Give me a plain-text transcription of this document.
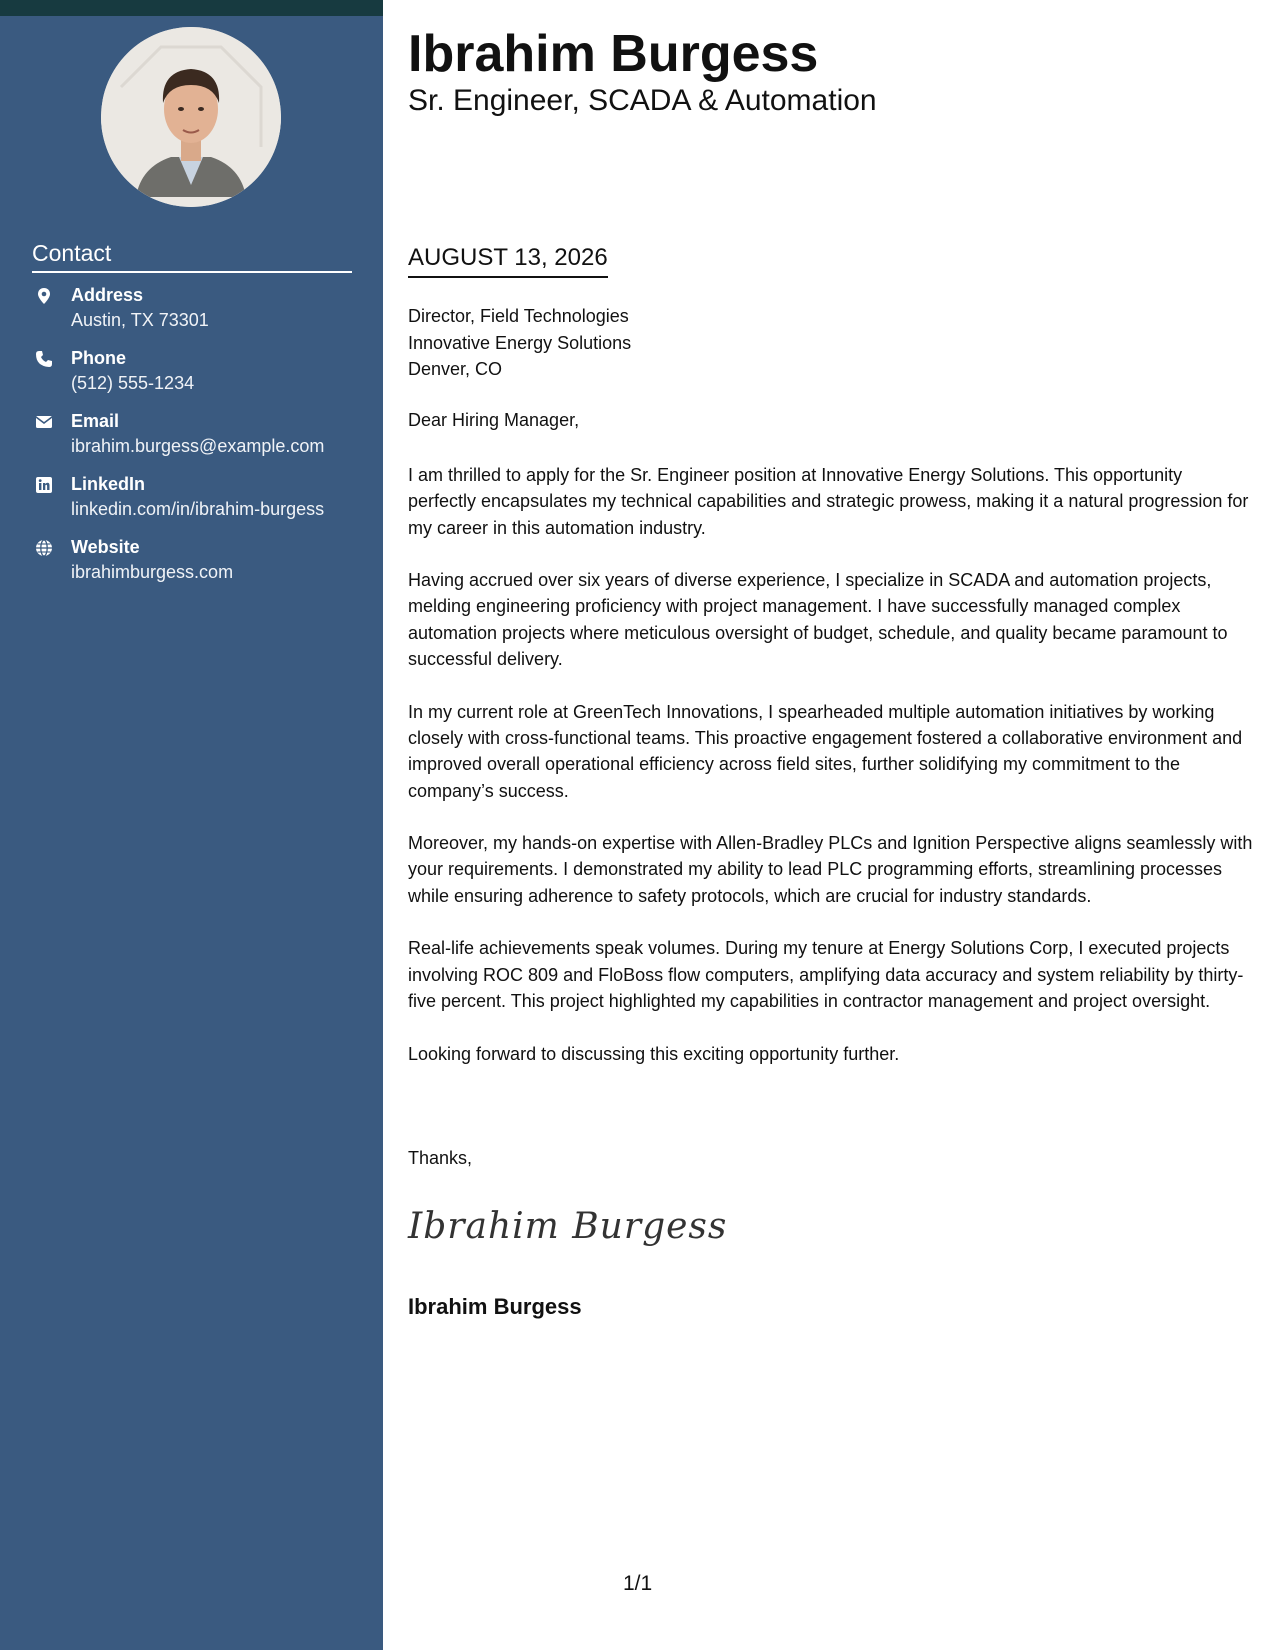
Contact
Address
Austin, TX 73301
Phone
(512) 555-1234
Email
ibrahim.burgess@example.com
LinkedIn
linkedin.com/in/ibrahim-burgess
Website
ibrahimburgess.com
Ibrahim Burgess
Sr. Engineer, SCADA & Automation
AUGUST 13, 2026
Director, Field Technologies
Innovative Energy Solutions
Denver, CO
Dear Hiring Manager,

I am thrilled to apply for the Sr. Engineer position at Innovative Energy Solutions. This opportunity perfectly encapsulates my technical capabilities and strategic prowess, making it a natural progression for my career in this automation industry.

Having accrued over six years of diverse experience, I specialize in SCADA and automation projects, melding engineering proficiency with project management. I have successfully managed complex automation projects where meticulous oversight of budget, schedule, and quality became paramount to successful delivery.

In my current role at GreenTech Innovations, I spearheaded multiple automation initiatives by working closely with cross-functional teams. This proactive engagement fostered a collaborative environment and improved overall operational efficiency across field sites, further solidifying my commitment to the company’s success.

Moreover, my hands-on expertise with Allen-Bradley PLCs and Ignition Perspective aligns seamlessly with your requirements. I demonstrated my ability to lead PLC programming efforts, streamlining processes while ensuring adherence to safety protocols, which are crucial for industry standards.

Real-life achievements speak volumes. During my tenure at Energy Solutions Corp, I executed projects involving ROC 809 and FloBoss flow computers, amplifying data accuracy and system reliability by thirty-five percent. This project highlighted my capabilities in contractor management and project oversight.

Looking forward to discussing this exciting opportunity further.

Thanks,
Ibrahim Burgess
Ibrahim Burgess
1/1
